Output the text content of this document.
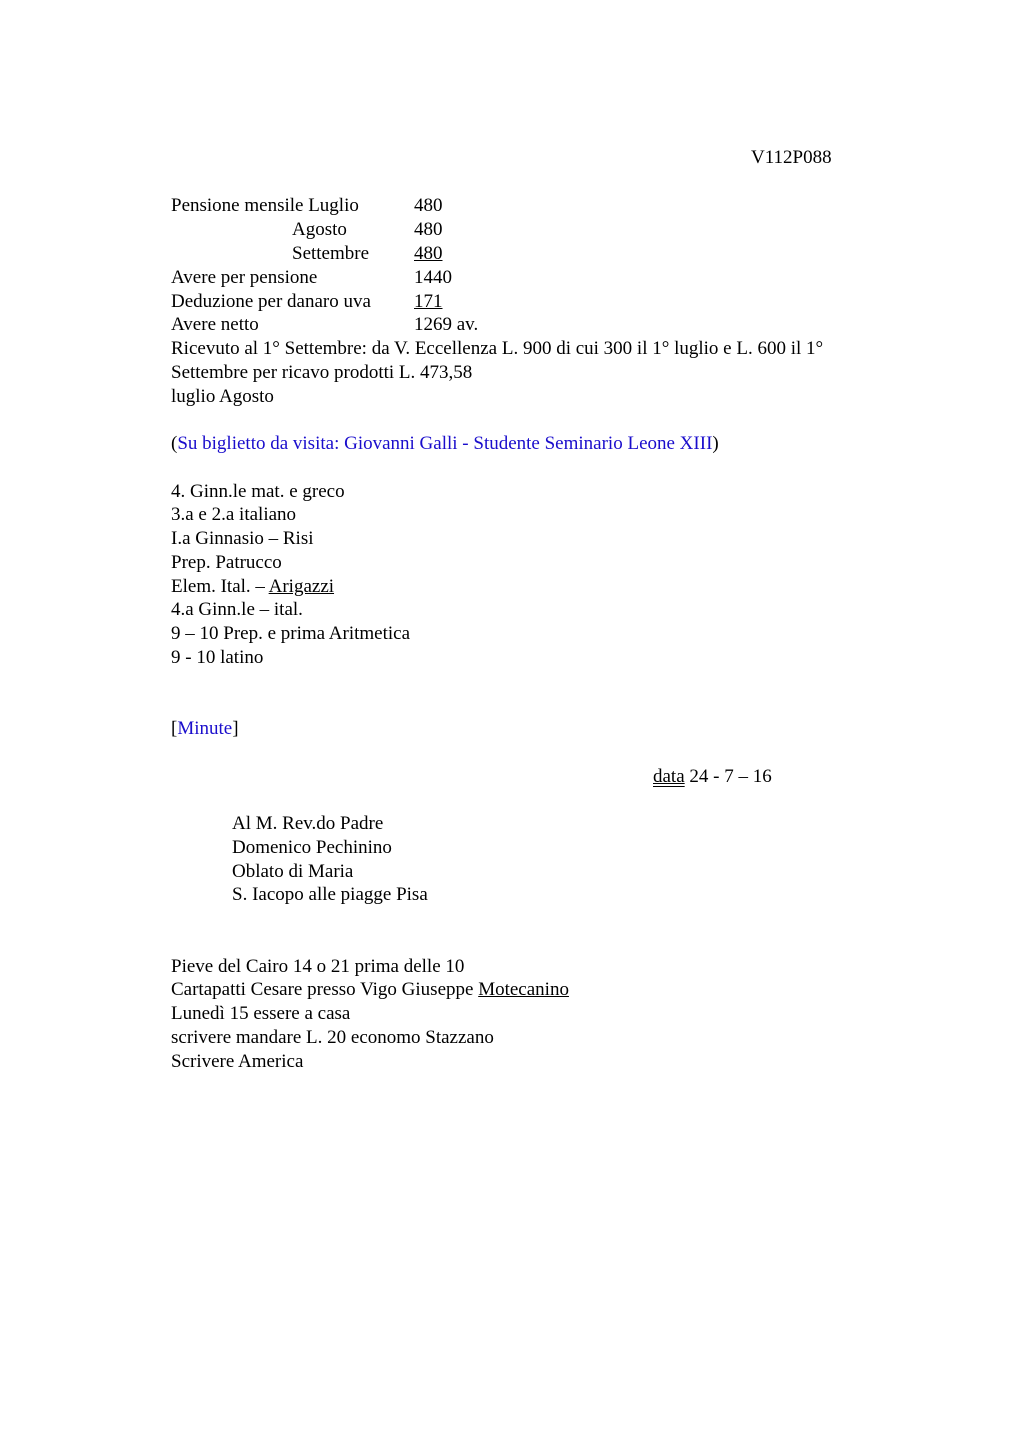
V112P088
Pensione mensile Luglio	480
Agosto	480
Settembre 480
Avere per pensione	1440
Deduzione per danaro uva 171
Avere netto	1269 av.
Ricevuto al 1° Settembre: da V. Eccellenza L. 900 di cui 300 il 1° luglio e L. 600 il 1°
Settembre per ricavo prodotti L. 473,58
luglio Agosto
(Su biglietto da visita: Giovanni Galli - Studente Seminario Leone XIII)
4. Ginn.le mat. e greco
3.a e 2.a italiano
I.a Ginnasio – Risi
Prep. Patrucco
Elem. Ital. – Arigazzi
4.a Ginn.le – ital.
9 – 10 Prep. e prima Aritmetica
9 - 10 latino
[Minute]
data 24 - 7 – 16
Al M. Rev.do Padre
Domenico Pechinino
Oblato di Maria
S. Iacopo alle piagge Pisa
Pieve del Cairo 14 o 21 prima delle 10
Cartapatti Cesare presso Vigo Giuseppe Motecanino
Lunedì 15 essere a casa
scrivere mandare L. 20 economo Stazzano
Scrivere America
